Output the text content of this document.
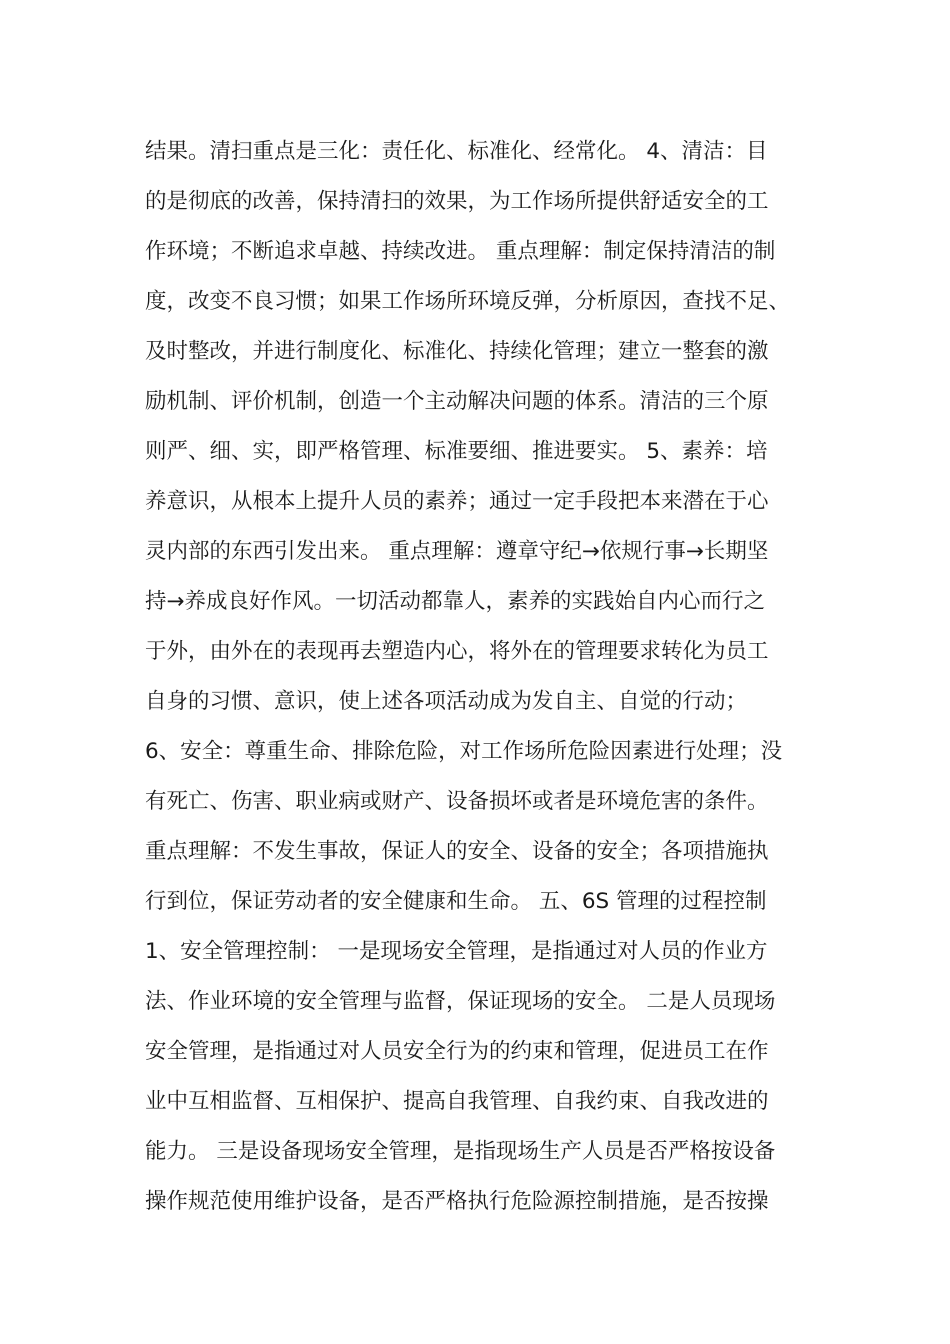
结果。清扫重点是三化：责任化、标准化、经常化。 4、清洁：目
的是彻底的改善，保持清扫的效果，为工作场所提供舒适安全的工
作环境；不断追求卓越、持续改进。 重点理解：制定保持清洁的制
度，改变不良习惯；如果工作场所环境反弹，分析原因，查找不足、
及时整改，并进行制度化、标准化、持续化管理；建立一整套的激
励机制、评价机制，创造一个主动解决问题的体系。清洁的三个原
则严、细、实，即严格管理、标准要细、推进要实。 5、素养：培
养意识，从根本上提升人员的素养；通过一定手段把本来潜在于心
灵内部的东西引发出来。 重点理解：遵章守纪→依规行事→长期坚
持→养成良好作风。一切活动都靠人，素养的实践始自内心而行之
于外，由外在的表现再去塑造内心，将外在的管理要求转化为员工
自身的习惯、意识，使上述各项活动成为发自主、自觉的行动；
6、安全：尊重生命、排除危险，对工作场所危险因素进行处理；没
有死亡、伤害、职业病或财产、设备损坏或者是环境危害的条件。
重点理解：不发生事故，保证人的安全、设备的安全；各项措施执
行到位，保证劳动者的安全健康和生命。 五、6S 管理的过程控制
1、安全管理控制： 一是现场安全管理，是指通过对人员的作业方
法、作业环境的安全管理与监督，保证现场的安全。 二是人员现场
安全管理，是指通过对人员安全行为的约束和管理，促进员工在作
业中互相监督、互相保护、提高自我管理、自我约束、自我改进的
能力。 三是设备现场安全管理，是指现场生产人员是否严格按设备
操作规范使用维护设备，是否严格执行危险源控制措施，是否按操
